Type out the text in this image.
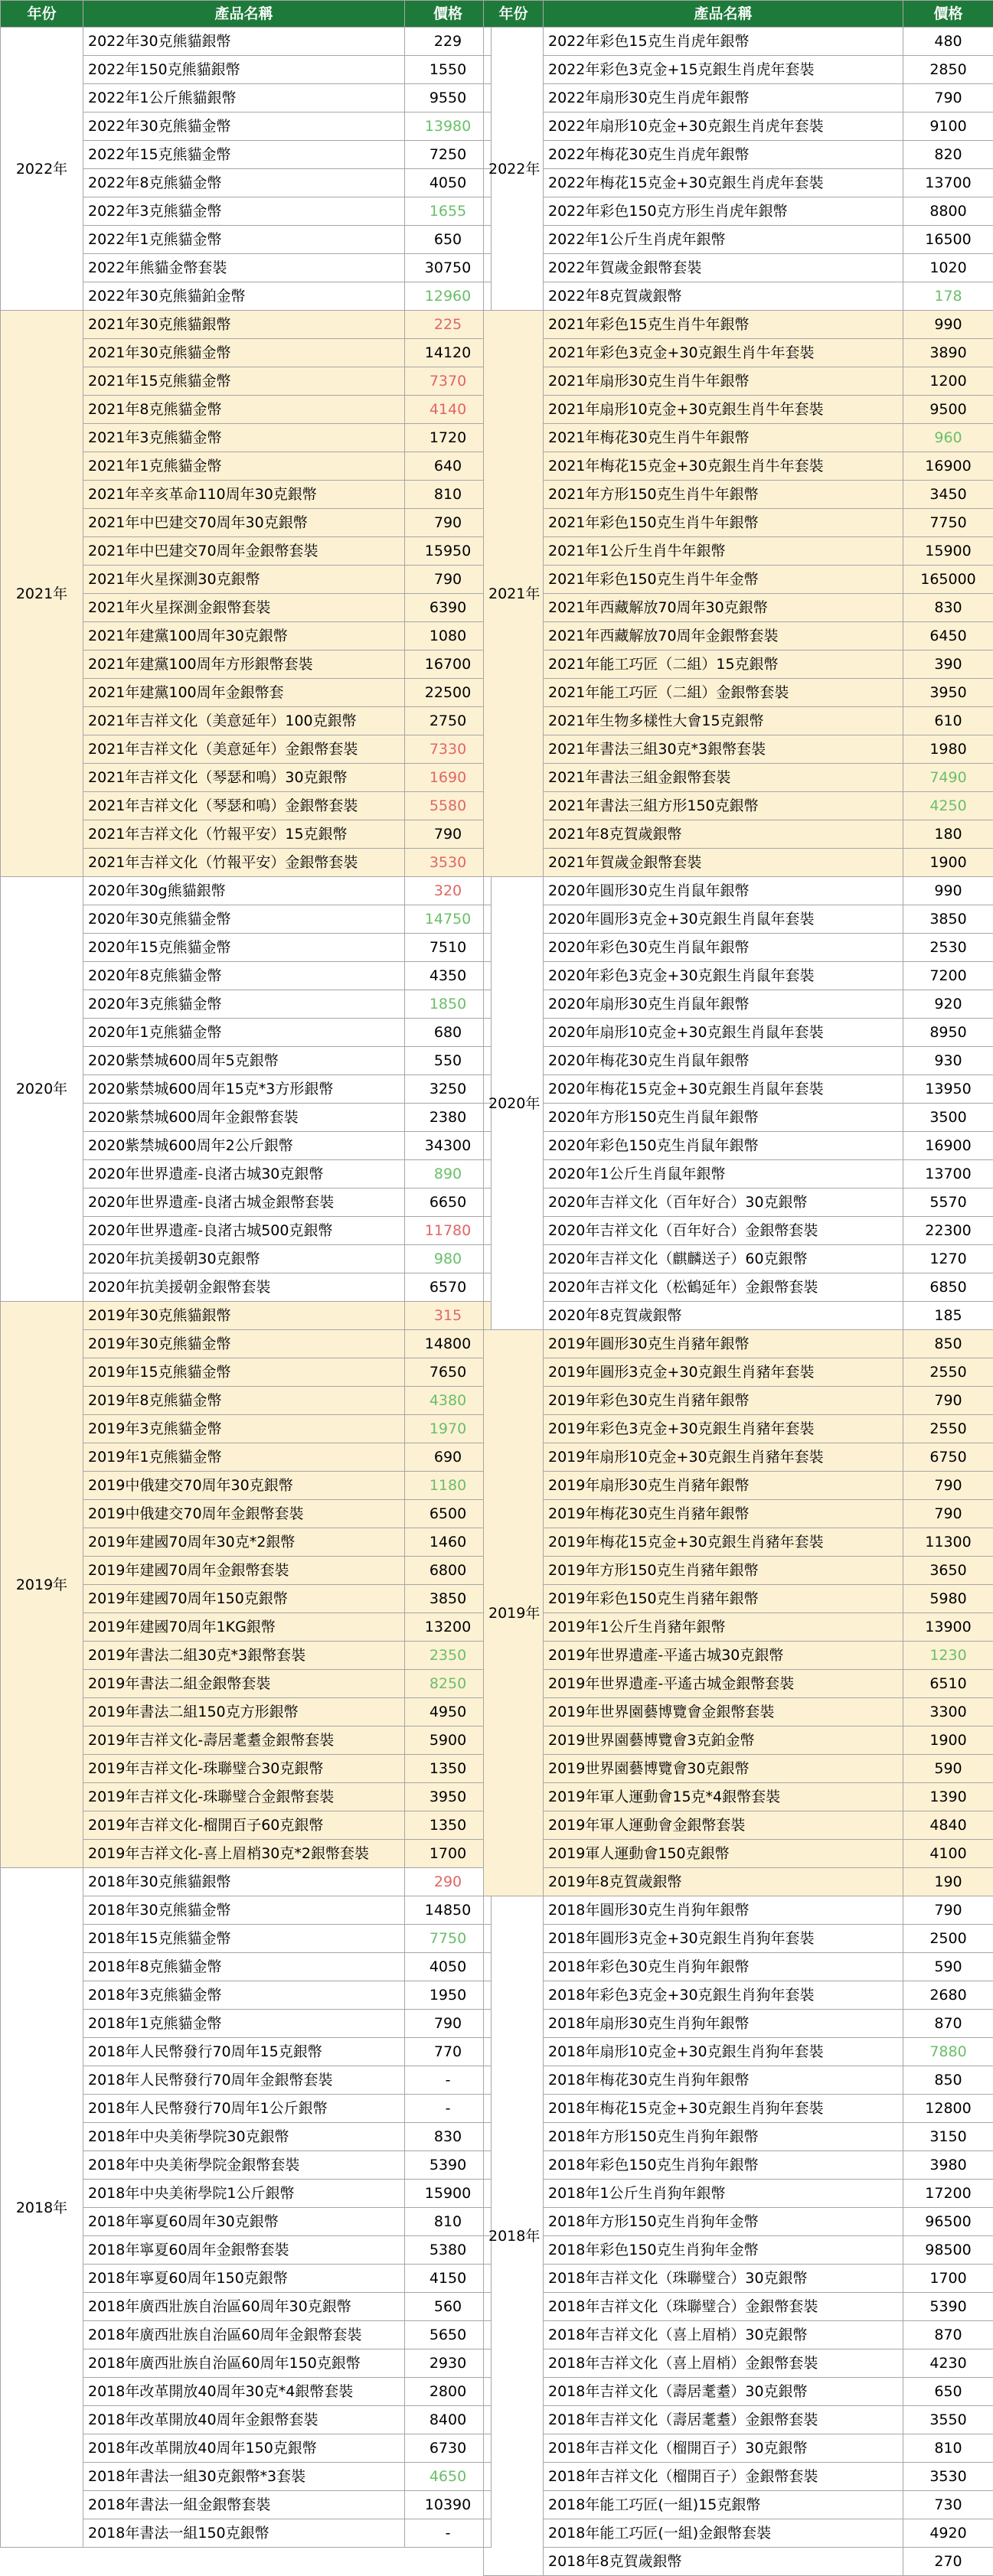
年份	產品名稱	價格
2022年	2022年30克熊貓銀幣	229
	2022年150克熊貓銀幣	1550
	2022年1公斤熊貓銀幣	9550
	2022年30克熊貓金幣	13980
	2022年15克熊貓金幣	7250
	2022年8克熊貓金幣	4050
	2022年3克熊貓金幣	1655
	2022年1克熊貓金幣	650
	2022年熊貓金幣套裝	30750
	2022年30克熊貓鉑金幣	12960
2021年	2021年30克熊貓銀幣	225
	2021年30克熊貓金幣	14120
	2021年15克熊貓金幣	7370
	2021年8克熊貓金幣	4140
	2021年3克熊貓金幣	1720
	2021年1克熊貓金幣	640
	2021年辛亥革命110周年30克銀幣	810
	2021年中巴建交70周年30克銀幣	790
	2021年中巴建交70周年金銀幣套裝	15950
	2021年火星探測30克銀幣	790
	2021年火星探測金銀幣套裝	6390
	2021年建黨100周年30克銀幣	1080
	2021年建黨100周年方形銀幣套裝	16700
	2021年建黨100周年金銀幣套	22500
	2021年吉祥文化（美意延年）100克銀幣	2750
	2021年吉祥文化（美意延年）金銀幣套裝	7330
	2021年吉祥文化（琴瑟和鳴）30克銀幣	1690
	2021年吉祥文化（琴瑟和鳴）金銀幣套裝	5580
	2021年吉祥文化（竹報平安）15克銀幣	790
	2021年吉祥文化（竹報平安）金銀幣套裝	3530
2020年	2020年30g熊貓銀幣	320
	2020年30克熊貓金幣	14750
	2020年15克熊貓金幣	7510
	2020年8克熊貓金幣	4350
	2020年3克熊貓金幣	1850
	2020年1克熊貓金幣	680
	2020紫禁城600周年5克銀幣	550
	2020紫禁城600周年15克*3方形銀幣	3250
	2020紫禁城600周年金銀幣套裝	2380
	2020紫禁城600周年2公斤銀幣	34300
	2020年世界遺產-良渚古城30克銀幣	890
	2020年世界遺產-良渚古城金銀幣套裝	6650
	2020年世界遺產-良渚古城500克銀幣	11780
	2020年抗美援朝30克銀幣	980
	2020年抗美援朝金銀幣套裝	6570
2019年	2019年30克熊貓銀幣	315
	2019年30克熊貓金幣	14800
	2019年15克熊貓金幣	7650
	2019年8克熊貓金幣	4380
	2019年3克熊貓金幣	1970
	2019年1克熊貓金幣	690
	2019中俄建交70周年30克銀幣	1180
	2019中俄建交70周年金銀幣套裝	6500
	2019年建國70周年30克*2銀幣	1460
	2019年建國70周年金銀幣套裝	6800
	2019年建國70周年150克銀幣	3850
	2019年建國70周年1KG銀幣	13200
	2019年書法二組30克*3銀幣套裝	2350
	2019年書法二組金銀幣套裝	8250
	2019年書法二組150克方形銀幣	4950
	2019年吉祥文化-壽居耄耋金銀幣套裝	5900
	2019年吉祥文化-珠聯璧合30克銀幣	1350
	2019年吉祥文化-珠聯璧合金銀幣套裝	3950
	2019年吉祥文化-榴開百子60克銀幣	1350
	2019年吉祥文化-喜上眉梢30克*2銀幣套裝	1700
2018年	2018年30克熊貓銀幣	290
	2018年30克熊貓金幣	14850
	2018年15克熊貓金幣	7750
	2018年8克熊貓金幣	4050
	2018年3克熊貓金幣	1950
	2018年1克熊貓金幣	790
	2018年人民幣發行70周年15克銀幣	770
	2018年人民幣發行70周年金銀幣套裝	-
	2018年人民幣發行70周年1公斤銀幣	-
	2018年中央美術學院30克銀幣	830
	2018年中央美術學院金銀幣套裝	5390
	2018年中央美術學院1公斤銀幣	15900
	2018年寧夏60周年30克銀幣	810
	2018年寧夏60周年金銀幣套裝	5380
	2018年寧夏60周年150克銀幣	4150
	2018年廣西壯族自治區60周年30克銀幣	560
	2018年廣西壯族自治區60周年金銀幣套裝	5650
	2018年廣西壯族自治區60周年150克銀幣	2930
	2018年改革開放40周年30克*4銀幣套裝	2800
	2018年改革開放40周年金銀幣套裝	8400
	2018年改革開放40周年150克銀幣	6730
	2018年書法一組30克銀幣*3套裝	4650
	2018年書法一組金銀幣套裝	10390
	2018年書法一組150克銀幣	-
年份	產品名稱	價格
2022年	2022年彩色15克生肖虎年銀幣	480
	2022年彩色3克金+15克銀生肖虎年套裝	2850
	2022年扇形30克生肖虎年銀幣	790
	2022年扇形10克金+30克銀生肖虎年套裝	9100
	2022年梅花30克生肖虎年銀幣	820
	2022年梅花15克金+30克銀生肖虎年套裝	13700
	2022年彩色150克方形生肖虎年銀幣	8800
	2022年1公斤生肖虎年銀幣	16500
	2022年賀歲金銀幣套裝	1020
	2022年8克賀歲銀幣	178
2021年	2021年彩色15克生肖牛年銀幣	990
	2021年彩色3克金+30克銀生肖牛年套裝	3890
	2021年扇形30克生肖牛年銀幣	1200
	2021年扇形10克金+30克銀生肖牛年套裝	9500
	2021年梅花30克生肖牛年銀幣	960
	2021年梅花15克金+30克銀生肖牛年套裝	16900
	2021年方形150克生肖牛年銀幣	3450
	2021年彩色150克生肖牛年銀幣	7750
	2021年1公斤生肖牛年銀幣	15900
	2021年彩色150克生肖牛年金幣	165000
	2021年西藏解放70周年30克銀幣	830
	2021年西藏解放70周年金銀幣套裝	6450
	2021年能工巧匠（二組）15克銀幣	390
	2021年能工巧匠（二組）金銀幣套裝	3950
	2021年生物多樣性大會15克銀幣	610
	2021年書法三組30克*3銀幣套裝	1980
	2021年書法三組金銀幣套裝	7490
	2021年書法三組方形150克銀幣	4250
	2021年8克賀歲銀幣	180
	2021年賀歲金銀幣套裝	1900
2020年	2020年圓形30克生肖鼠年銀幣	990
	2020年圓形3克金+30克銀生肖鼠年套裝	3850
	2020年彩色30克生肖鼠年銀幣	2530
	2020年彩色3克金+30克銀生肖鼠年套裝	7200
	2020年扇形30克生肖鼠年銀幣	920
	2020年扇形10克金+30克銀生肖鼠年套裝	8950
	2020年梅花30克生肖鼠年銀幣	930
	2020年梅花15克金+30克銀生肖鼠年套裝	13950
	2020年方形150克生肖鼠年銀幣	3500
	2020年彩色150克生肖鼠年銀幣	16900
	2020年1公斤生肖鼠年銀幣	13700
	2020年吉祥文化（百年好合）30克銀幣	5570
	2020年吉祥文化（百年好合）金銀幣套裝	22300
	2020年吉祥文化（麒麟送子）60克銀幣	1270
	2020年吉祥文化（松鶴延年）金銀幣套裝	6850
	2020年8克賀歲銀幣	185
2019年	2019年圓形30克生肖豬年銀幣	850
	2019年圓形3克金+30克銀生肖豬年套裝	2550
	2019年彩色30克生肖豬年銀幣	790
	2019年彩色3克金+30克銀生肖豬年套裝	2550
	2019年扇形10克金+30克銀生肖豬年套裝	6750
	2019年扇形30克生肖豬年銀幣	790
	2019年梅花30克生肖豬年銀幣	790
	2019年梅花15克金+30克銀生肖豬年套裝	11300
	2019年方形150克生肖豬年銀幣	3650
	2019年彩色150克生肖豬年銀幣	5980
	2019年1公斤生肖豬年銀幣	13900
	2019年世界遺產-平遙古城30克銀幣	1230
	2019年世界遺產-平遙古城金銀幣套裝	6510
	2019年世界園藝博覽會金銀幣套裝	3300
	2019世界園藝博覽會3克鉑金幣	1900
	2019世界園藝博覽會30克銀幣	590
	2019年軍人運動會15克*4銀幣套裝	1390
	2019年軍人運動會金銀幣套裝	4840
	2019軍人運動會150克銀幣	4100
	2019年8克賀歲銀幣	190
2018年	2018年圓形30克生肖狗年銀幣	790
	2018年圓形3克金+30克銀生肖狗年套裝	2500
	2018年彩色30克生肖狗年銀幣	590
	2018年彩色3克金+30克銀生肖狗年套裝	2680
	2018年扇形30克生肖狗年銀幣	870
	2018年扇形10克金+30克銀生肖狗年套裝	7880
	2018年梅花30克生肖狗年銀幣	850
	2018年梅花15克金+30克銀生肖狗年套裝	12800
	2018年方形150克生肖狗年銀幣	3150
	2018年彩色150克生肖狗年銀幣	3980
	2018年1公斤生肖狗年銀幣	17200
	2018年方形150克生肖狗年金幣	96500
	2018年彩色150克生肖狗年金幣	98500
	2018年吉祥文化（珠聯璧合）30克銀幣	1700
	2018年吉祥文化（珠聯璧合）金銀幣套裝	5390
	2018年吉祥文化（喜上眉梢）30克銀幣	870
	2018年吉祥文化（喜上眉梢）金銀幣套裝	4230
	2018年吉祥文化（壽居耄耋）30克銀幣	650
	2018年吉祥文化（壽居耄耋）金銀幣套裝	3550
	2018年吉祥文化（榴開百子）30克銀幣	810
	2018年吉祥文化（榴開百子）金銀幣套裝	3530
	2018年能工巧匠(一組)15克銀幣	730
	2018年能工巧匠(一組)金銀幣套裝	4920
	2018年8克賀歲銀幣	270
